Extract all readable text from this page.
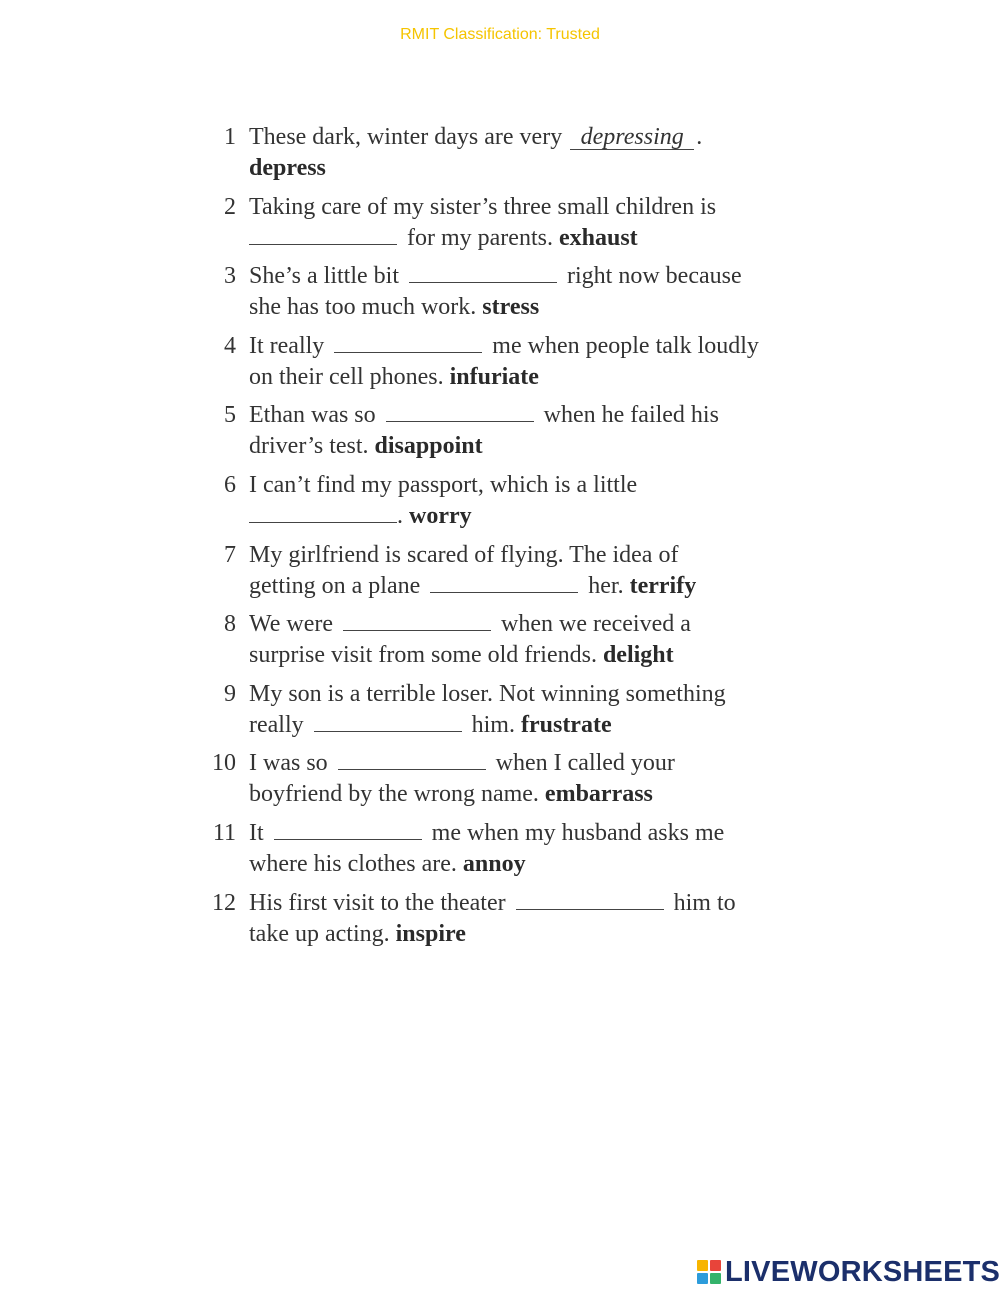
RMIT Classification: Trusted
1 These dark, winter days are very depressing .
depress
2 Taking care of my sister’s three small children is
for my parents. exhaust
3 She’s a little bit	right now because
she has too much work. stress
4 It really	me when people talk loudly
on their cell phones. infuriate
5 Ethan was so	when he failed his
driver’s test. disappoint
6 I can’t find my passport, which is a little
. worry
7 My girlfriend is scared of flying. The idea of
getting on a plane	her. terrify
8 We were	when we received a
surprise visit from some old friends. delight
9 My son is a terrible loser. Not winning something
really	him. frustrate
10 I was so	when I called your
boyfriend by the wrong name. embarrass
11 It	me when my husband asks me
where his clothes are. annoy
12 His first visit to the theater	him to
take up acting. inspire
LIVEWORKSHEETS
